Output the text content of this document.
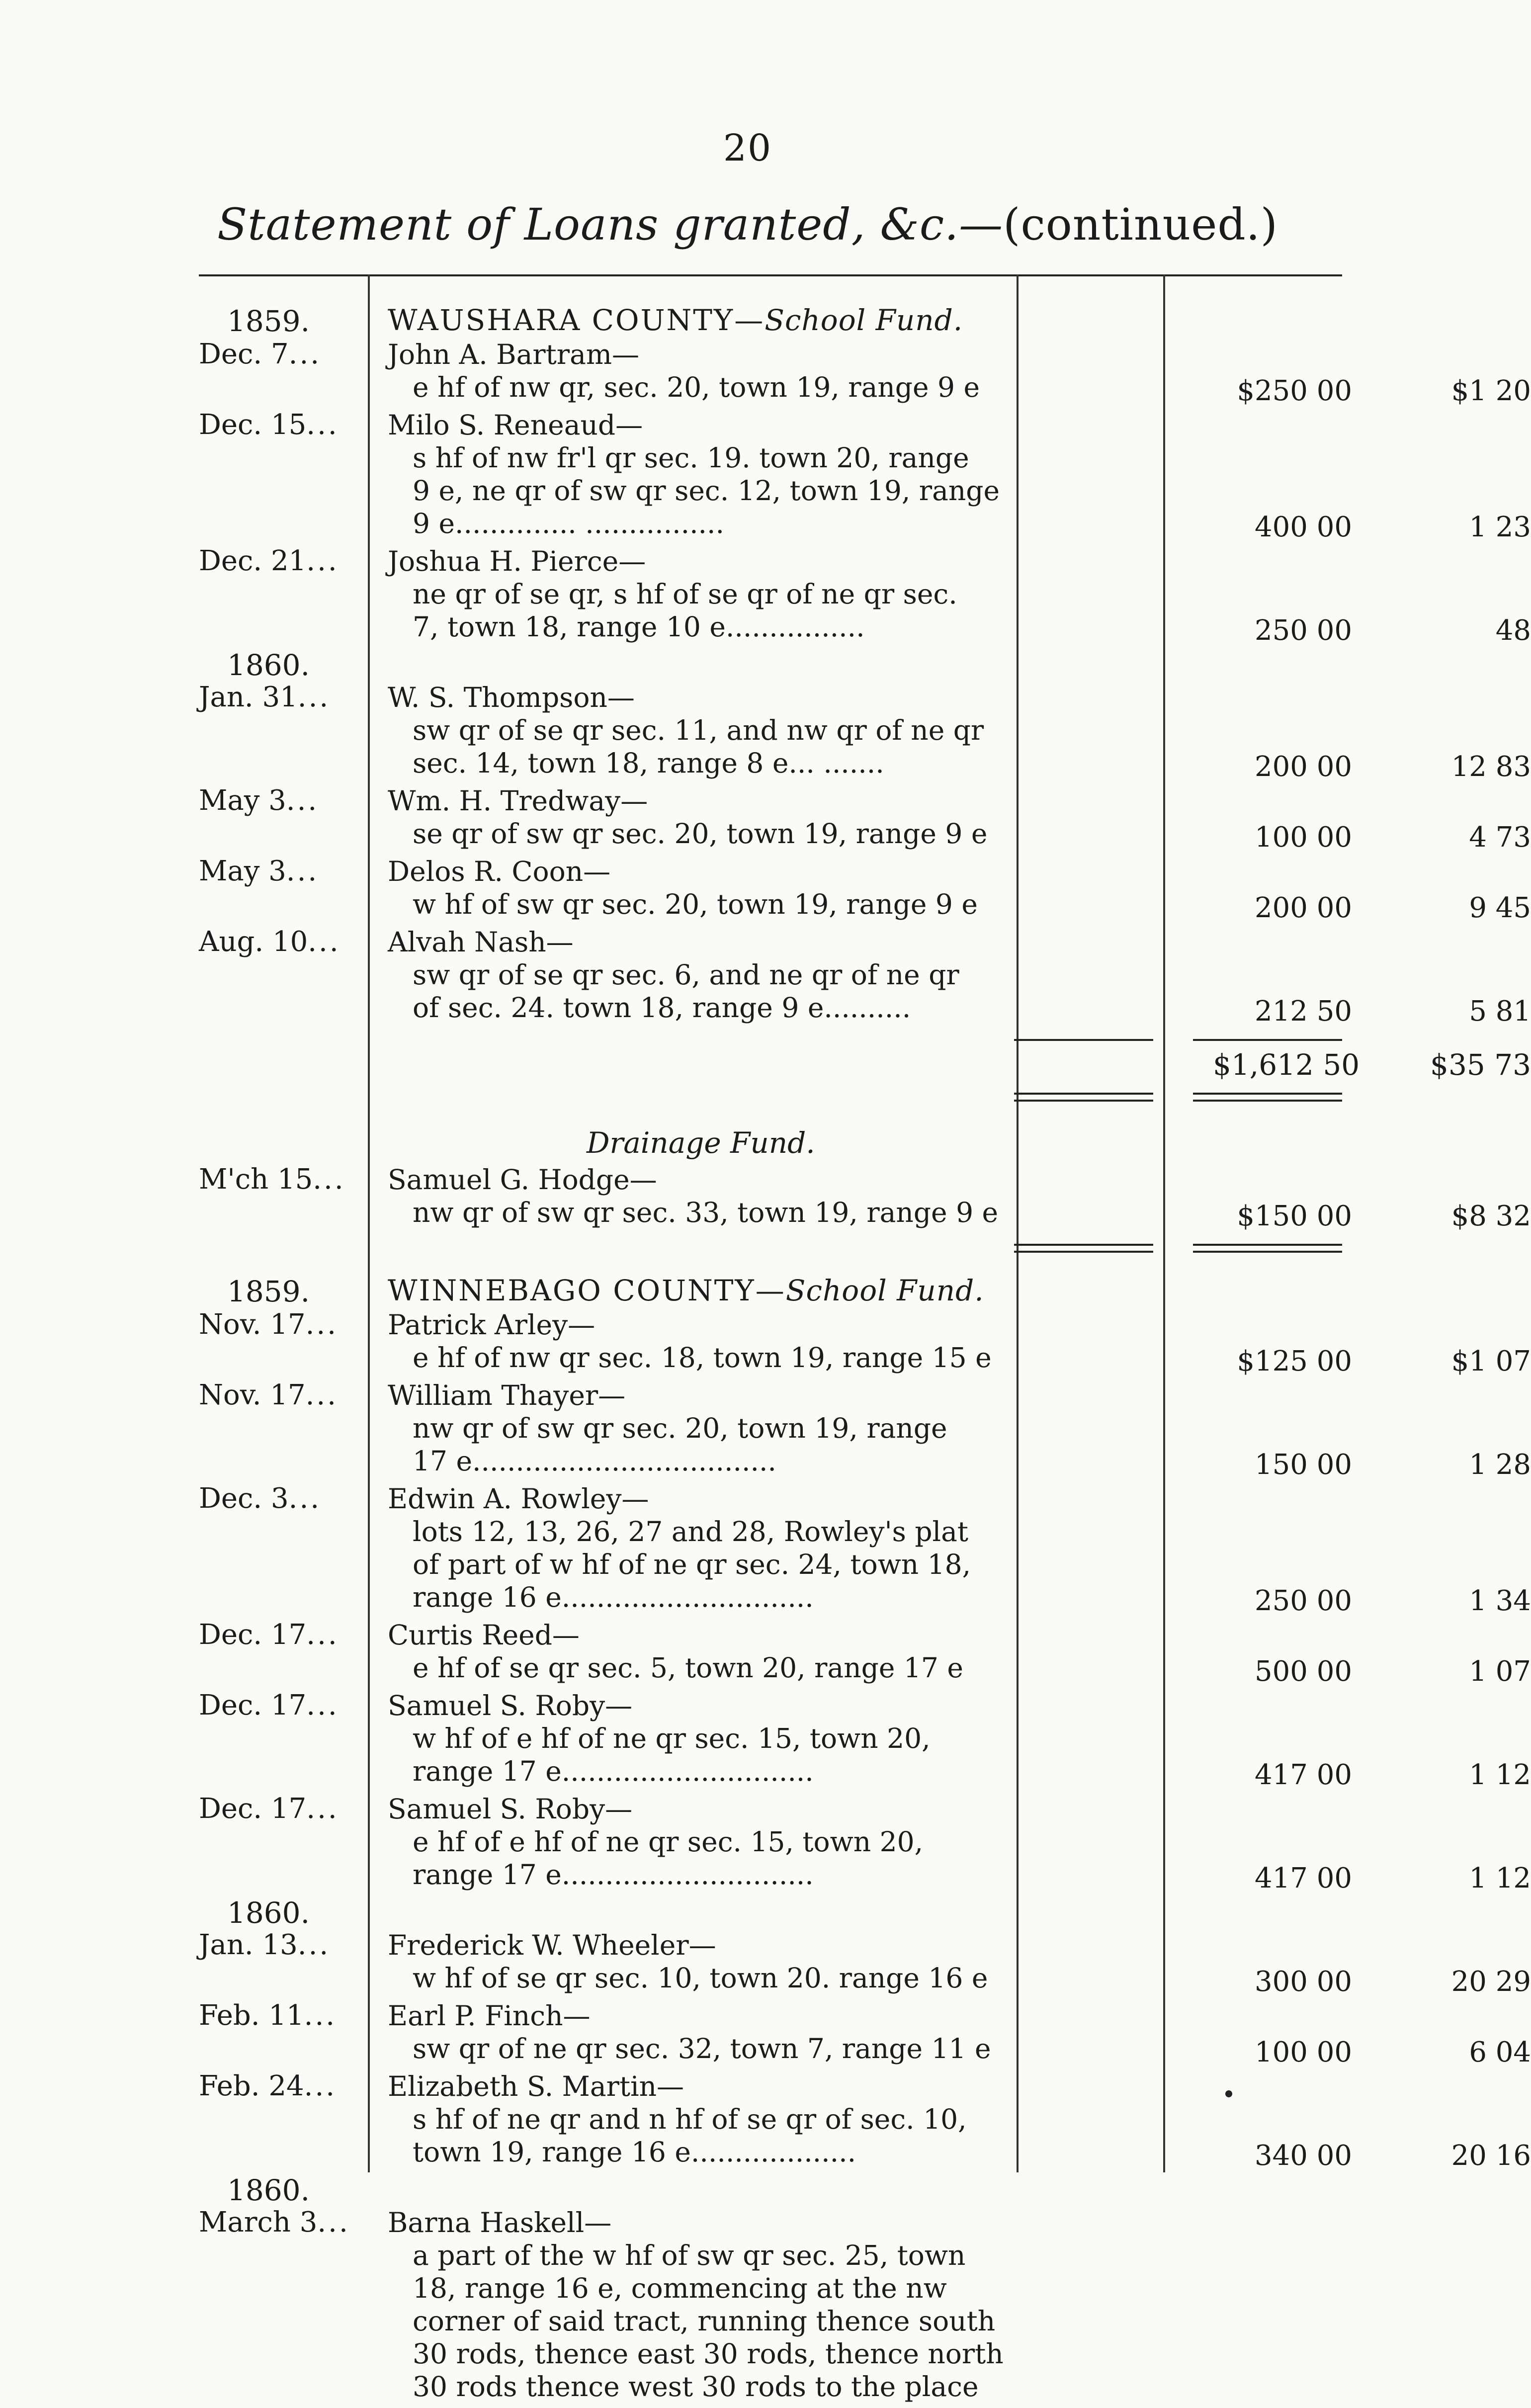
20
Statement of Loans granted, &c.—(continued.)
1859.	WAUSHARA COUNTY—School Fund.
Dec. 7 ...	John A. Bartram—
e hf of nw qr, sec. 20, town 19, range 9 e	$250 00	$1 20
Dec. 15 ...	Milo S. Reneaud—
s hf of nw fr'l qr sec. 19. town 20, range
9 e, ne qr of sw qr sec. 12, town 19, range
9 e.............. ................	400 00	1 23
Dec. 21 ...	Joshua H. Pierce—
ne qr of se qr, s hf of se qr of ne qr sec.
7, town 18, range 10 e................	250 00	48
1860.
Jan. 31 ...	W. S. Thompson—
sw qr of se qr sec. 11, and nw qr of ne qr
sec. 14, town 18, range 8 e... .......	200 00	12 83
May 3 ...	Wm. H. Tredway—
se qr of sw qr sec. 20, town 19, range 9 e	100 00	4 73
May 3 ...	Delos R. Coon—
w hf of sw qr sec. 20, town 19, range 9 e	200 00	9 45
Aug. 10 ...	Alvah Nash—
sw qr of se qr sec. 6, and ne qr of ne qr
of sec. 24. town 18, range 9 e..........	212 50	5 81
$1,612 50	$35 73
Drainage Fund.
M'ch 15 ...	Samuel G. Hodge—
nw qr of sw qr sec. 33, town 19, range 9 e	$150 00	$8 32
1859.	WINNEBAGO COUNTY—School Fund.
Nov. 17 ...	Patrick Arley—
e hf of nw qr sec. 18, town 19, range 15 e	$125 00	$1 07
Nov. 17 ...	William Thayer—
nw qr of sw qr sec. 20, town 19, range
17 e...................................	150 00	1 28
Dec. 3 ...	Edwin A. Rowley—
lots 12, 13, 26, 27 and 28, Rowley's plat
of part of w hf of ne qr sec. 24, town 18,
range 16 e.............................	250 00	1 34
Dec. 17 ...	Curtis Reed—
e hf of se qr sec. 5, town 20, range 17 e	500 00	1 07
Dec. 17 ...	Samuel S. Roby—
w hf of e hf of ne qr sec. 15, town 20,
range 17 e.............................	417 00	1 12
Dec. 17 ...	Samuel S. Roby—
e hf of e hf of ne qr sec. 15, town 20,
range 17 e.............................	417 00	1 12
1860.
Jan. 13 ...	Frederick W. Wheeler—
w hf of se qr sec. 10, town 20. range 16 e	300 00	20 29
Feb. 11 ...	Earl P. Finch—
sw qr of ne qr sec. 32, town 7, range 11 e	100 00	6 04
Feb. 24 ...	Elizabeth S. Martin—
s hf of ne qr and n hf of se qr of sec. 10,
town 19, range 16 e...................	340 00	20 16
1860.
March 3 ...	Barna Haskell—
a part of the w hf of sw qr sec. 25, town
18, range 16 e, commencing at the nw
corner of said tract, running thence south
30 rods, thence east 30 rods, thence north
30 rods thence west 30 rods to the place
